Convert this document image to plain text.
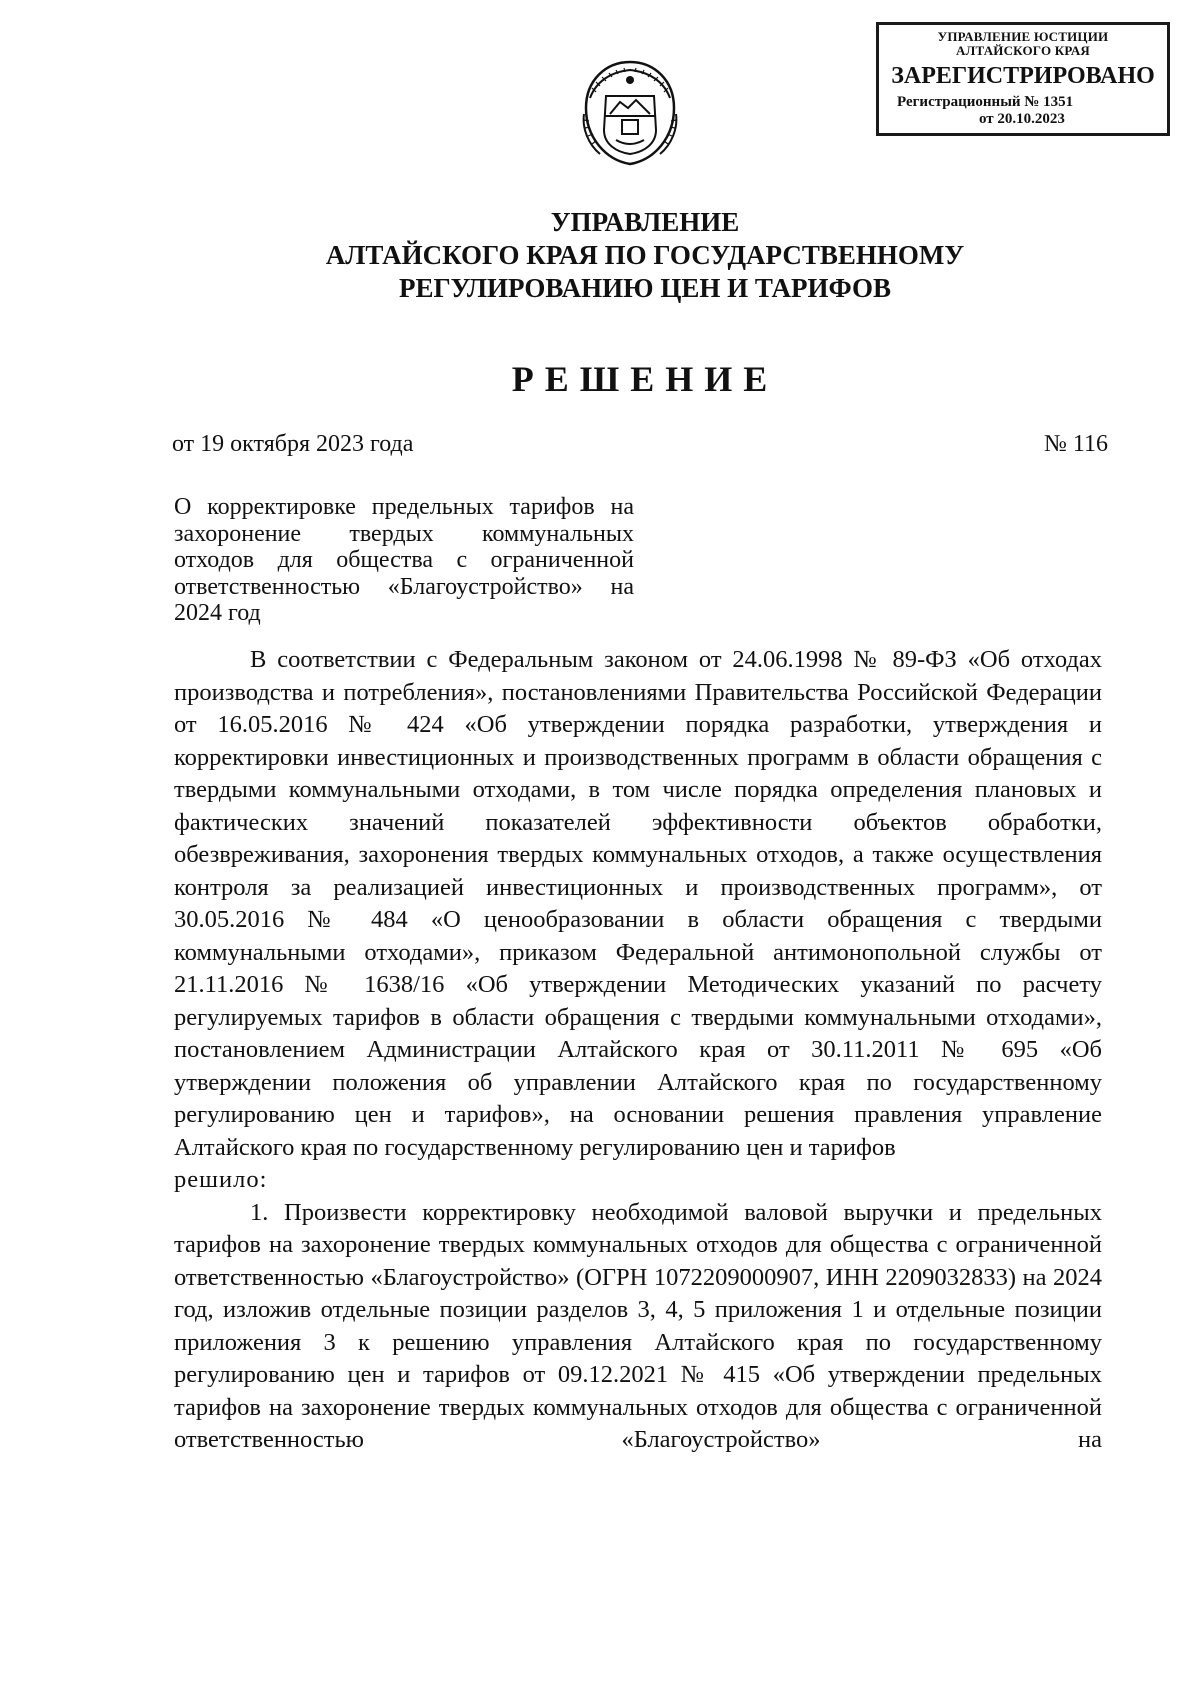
УПРАВЛЕНИЕ ЮСТИЦИИ
АЛТАЙСКОГО КРАЯ
ЗАРЕГИСТРИРОВАНО
Регистрационный № 1351
от 20.10.2023
УПРАВЛЕНИЕ
АЛТАЙСКОГО КРАЯ ПО ГОСУДАРСТВЕННОМУ
РЕГУЛИРОВАНИЮ ЦЕН И ТАРИФОВ
РЕШЕНИЕ
от 19 октября 2023 года	№ 116
О корректировке предельных тарифов на захоронение твердых коммунальных отходов для общества с ограниченной ответственностью «Благоустройство» на 2024 год

В соответствии с Федеральным законом от 24.06.1998 № 89-ФЗ «Об отходах производства и потребления», постановлениями Правительства Российской Федерации от 16.05.2016 № 424 «Об утверждении порядка разработки, утверждения и корректировки инвестиционных и производственных программ в области обращения с твердыми коммунальными отходами, в том числе порядка определения плановых и фактических значений показателей эффективности объектов обработки, обезвреживания, захоронения твердых коммунальных отходов, а также осуществления контроля за реализацией инвестиционных и производственных программ», от 30.05.2016 № 484 «О ценообразовании в области обращения с твердыми коммунальными отходами», приказом Федеральной антимонопольной службы от 21.11.2016 № 1638/16 «Об утверждении Методических указаний по расчету регулируемых тарифов в области обращения с твердыми коммунальными отходами», постановлением Администрации Алтайского края от 30.11.2011 № 695 «Об утверждении положения об управлении Алтайского края по государственному регулированию цен и тарифов», на основании решения правления управление Алтайского края по государственному регулированию цен и тарифов

решило:

1. Произвести корректировку необходимой валовой выручки и предельных тарифов на захоронение твердых коммунальных отходов для общества с ограниченной ответственностью «Благоустройство» (ОГРН 1072209000907, ИНН 2209032833) на 2024 год, изложив отдельные позиции разделов 3, 4, 5 приложения 1 и отдельные позиции приложения 3 к решению управления Алтайского края по государственному регулированию цен и тарифов от 09.12.2021 № 415 «Об утверждении предельных тарифов на захоронение твердых коммунальных отходов для общества с ограниченной ответственностью «Благоустройство» на
